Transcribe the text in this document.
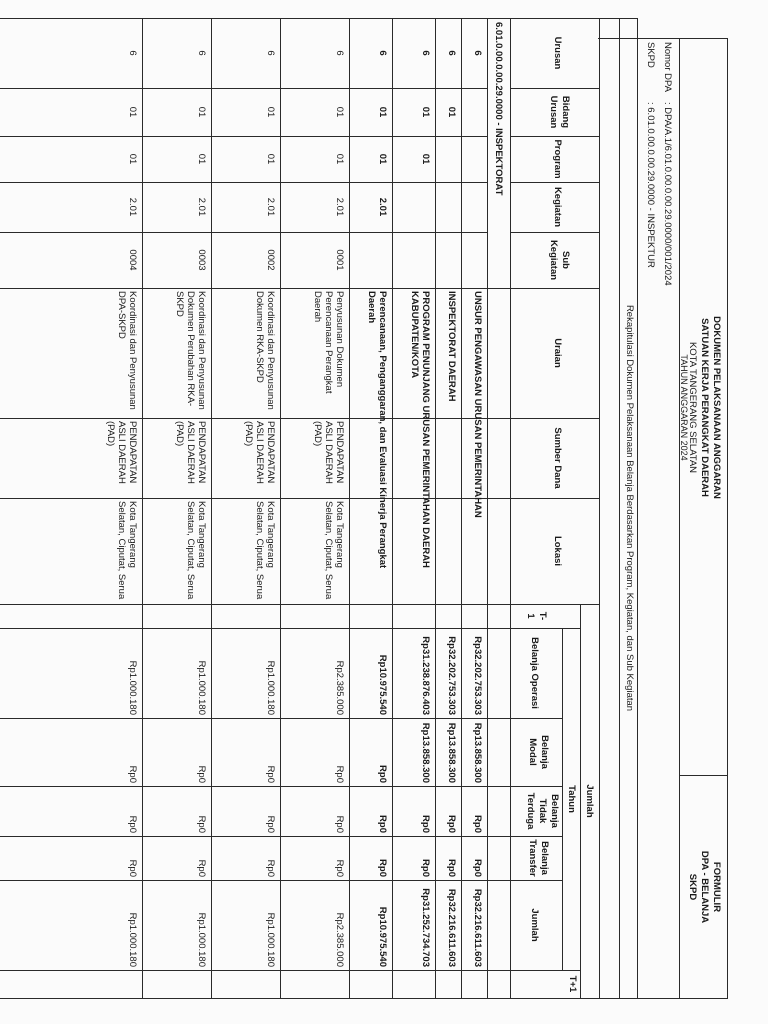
DOKUMEN PELAKSANAAN ANGGARAN
SATUAN KERJA PERANGKAT DAERAH
KOTA TANGERANG SELATAN
TAHUN ANGGARAN 2024
FORMULIR
DPA - BELANJA
SKPD
Nomor DPA
: DPA/A.1/6.01.0.00.0.00.29.0000/001/2024
SKPD
: 6.01.0.00.0.00.29.0000 - INSPEKTUR
Rekapitulasi Dokumen Pelaksanaan Belanja Berdasarkan Program, Kegiatan, dan Sub Kegiatan
Urusan
Bidang
Urusan
Program
Kegiatan
Sub
Kegiatan
Uraian
Sumber Dana
Lokasi
Jumlah
Tahun
T-
1
T+1
Belanja Operasi
Belanja
Modal
Belanja
Tidak
Terduga
Belanja
Transfer
Jumlah
6.01.0.00.0.00.29.0000 - INSPEKTORAT
6
Rp32.202.753.303
Rp13.858.300
Rp0
Rp0
Rp32.216.611.603
UNSUR PENGAWASAN URUSAN PEMERINTAHAN
6
01
Rp32.202.753.303
Rp13.858.300
Rp0
Rp0
Rp32.216.611.603
INSPEKTORAT DAERAH
6
01
01
Rp31.238.876.403
Rp13.858.300
Rp0
Rp0
Rp31.252.734.703
PROGRAM PENUNJANG URUSAN PEMERINTAHAN DAERAH KABUPATEN/KOTA
6
01
01
2.01
Rp10.975.540
Rp0
Rp0
Rp0
Rp10.975.540
Perencanaan, Penganggaran, dan Evaluasi Kinerja Perangkat Daerah
6
01
01
2.01
0001
PENDAPATAN ASLI DAERAH (PAD)
Kota Tangerang Selatan, Ciputat, Serua
Rp2.385.000
Rp0
Rp0
Rp0
Rp2.385.000
Penyusunan Dokumen Perencanaan Perangkat Daerah
6
01
01
2.01
0002
PENDAPATAN ASLI DAERAH (PAD)
Kota Tangerang Selatan, Ciputat, Serua
Rp1.000.180
Rp0
Rp0
Rp0
Rp1.000.180
Koordinasi dan Penyusunan Dokumen RKA-SKPD
6
01
01
2.01
0003
PENDAPATAN ASLI DAERAH (PAD)
Kota Tangerang Selatan, Ciputat, Serua
Rp1.000.180
Rp0
Rp0
Rp0
Rp1.000.180
Koordinasi dan Penyusunan Dokumen Perubahan RKA-SKPD
6
01
01
2.01
0004
PENDAPATAN ASLI DAERAH (PAD)
Kota Tangerang Selatan, Ciputat, Serua
Rp1.000.180
Rp0
Rp0
Rp0
Rp1.000.180
Koordinasi dan Penyusunan DPA-SKPD
